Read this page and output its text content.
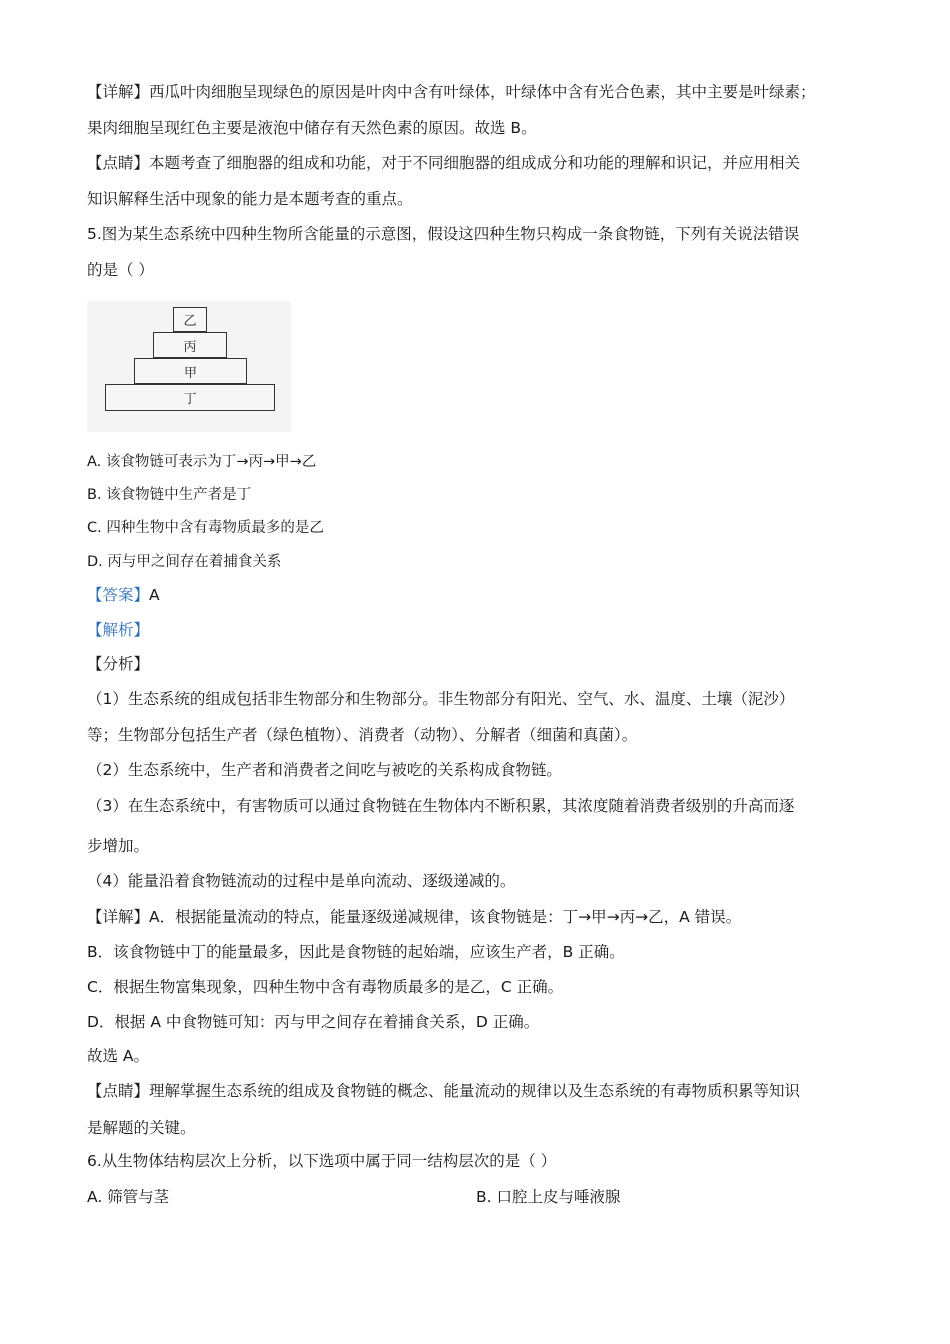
【详解】西瓜叶肉细胞呈现绿色的原因是叶肉中含有叶绿体，叶绿体中含有光合色素，其中主要是叶绿素；
果肉细胞呈现红色主要是液泡中储存有天然色素的原因。故选 B。
【点睛】本题考查了细胞器的组成和功能，对于不同细胞器的组成成分和功能的理解和识记，并应用相关
知识解释生活中现象的能力是本题考查的重点。
5.图为某生态系统中四种生物所含能量的示意图，假设这四种生物只构成一条食物链，下列有关说法错误
的是（ ）
乙
丙
甲
丁
A. 该食物链可表示为丁→丙→甲→乙
B. 该食物链中生产者是丁
C. 四种生物中含有毒物质最多的是乙
D. 丙与甲之间存在着捕食关系
【答案】A
【解析】
【分析】
（1）生态系统的组成包括非生物部分和生物部分。非生物部分有阳光、空气、水、温度、土壤（泥沙）
等；生物部分包括生产者（绿色植物）、消费者（动物）、分解者（细菌和真菌）。
（2）生态系统中，生产者和消费者之间吃与被吃的关系构成食物链。
（3）在生态系统中，有害物质可以通过食物链在生物体内不断积累，其浓度随着消费者级别的升高而逐
步增加。
（4）能量沿着食物链流动的过程中是单向流动、逐级递减的。
【详解】A．根据能量流动的特点，能量逐级递减规律，该食物链是：丁→甲→丙→乙，A 错误。
B．该食物链中丁的能量最多，因此是食物链的起始端，应该生产者，B 正确。
C．根据生物富集现象，四种生物中含有毒物质最多的是乙，C 正确。
D．根据 A 中食物链可知：丙与甲之间存在着捕食关系，D 正确。
故选 A。
【点睛】理解掌握生态系统的组成及食物链的概念、能量流动的规律以及生态系统的有毒物质积累等知识
是解题的关键。
6.从生物体结构层次上分析，以下选项中属于同一结构层次的是（ ）
A. 筛管与茎	B. 口腔上皮与唾液腺
